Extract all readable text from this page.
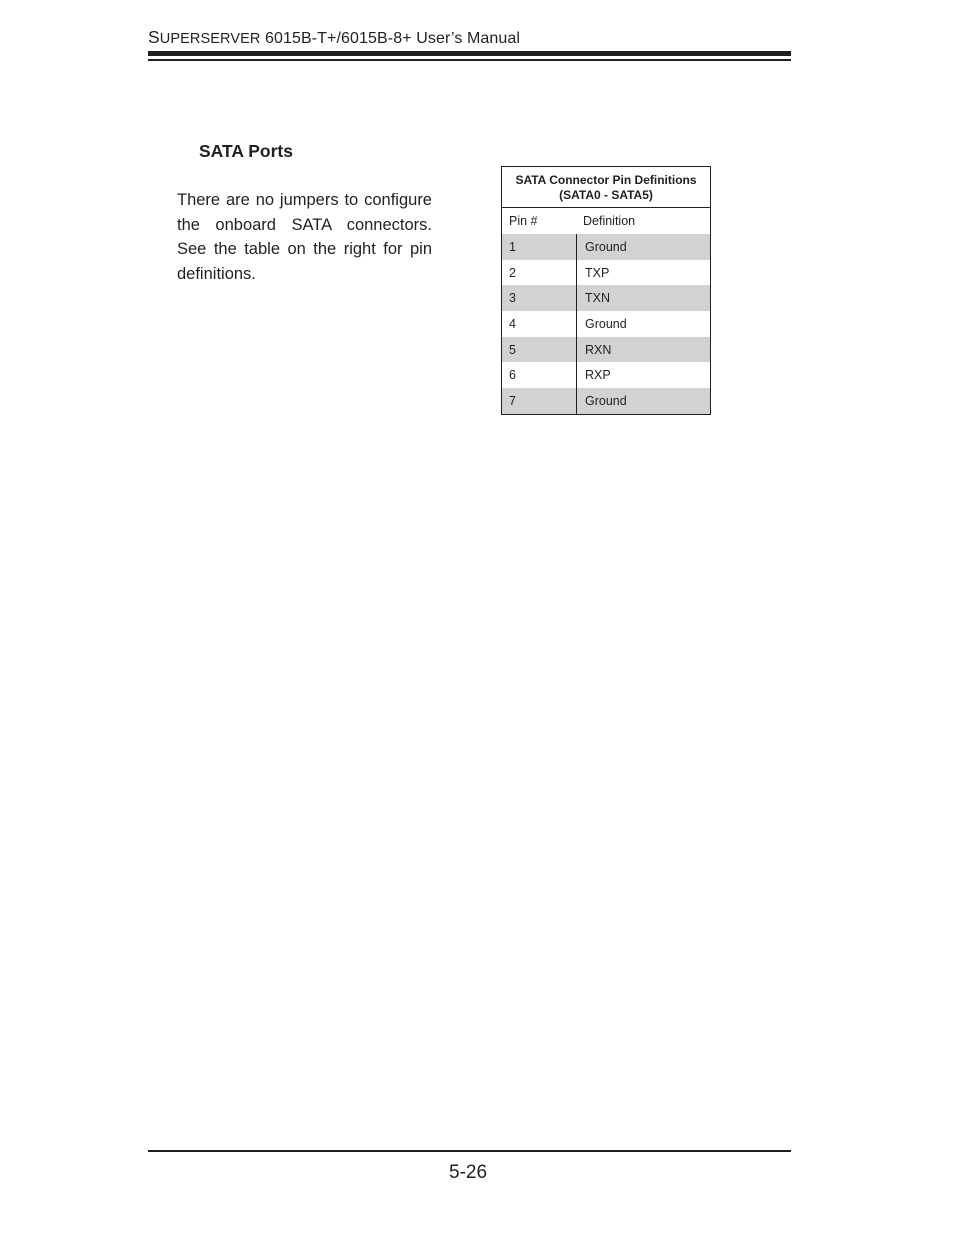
SUPERSERVER 6015B-T+/6015B-8+ User’s Manual
SATA Ports
There are no jumpers to configure the onboard SATA connectors. See the table on the right for pin definitions.
SATA Connector Pin Definitions
(SATA0 - SATA5)
Pin #	Definition
1	Ground
2	TXP
3	TXN
4	Ground
5	RXN
6	RXP
7	Ground
5-26
